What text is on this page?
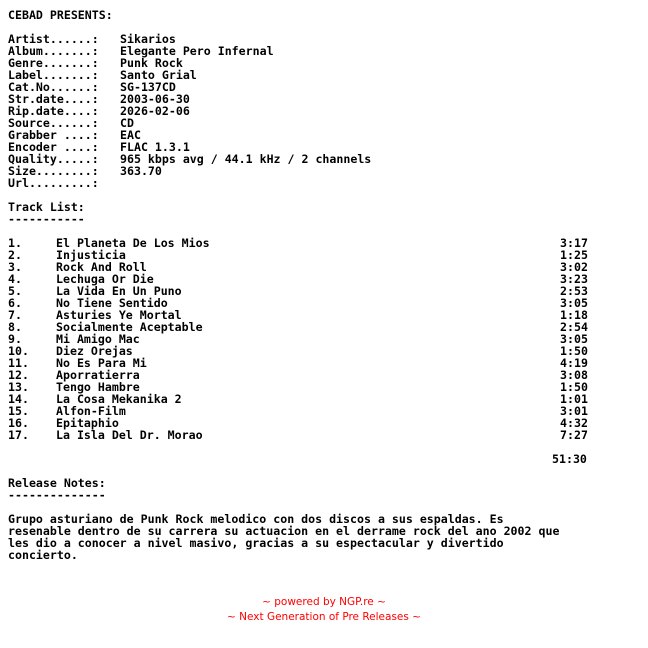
CEBAD PRESENTS:
Artist......: Sikarios
Album.......: Elegante Pero Infernal
Genre.......: Punk Rock
Label.......: Santo Grial
Cat.No......: SG-137CD
Str.date....: 2003-06-30
Rip.date....: 2026-02-06
Source......: CD
Grabber ....: EAC
Encoder ....: FLAC 1.3.1
Quality.....: 965 kbps avg / 44.1 kHz / 2 channels
Size........: 363.70
Url.........:
Track List:
-----------
1.	El Planeta De Los Mios	3:17
2.	Injusticia	1:25
3.	Rock And Roll	3:02
4.	Lechuga Or Die	3:23
5.	La Vida En Un Puno	2:53
6.	No Tiene Sentido	3:05
7.	Asturies Ye Mortal	1:18
8.	Socialmente Aceptable	2:54
9.	Mi Amigo Mac	3:05
10. Diez Orejas	1:50
11. No Es Para Mi	4:19
12. Aporratierra	3:08
13. Tengo Hambre	1:50
14. La Cosa Mekanika 2	1:01
15. Alfon-Film	3:01
16. Epitaphio	4:32
17. La Isla Del Dr. Morao	7:27
51:30
Release Notes:
--------------
Grupo asturiano de Punk Rock melodico con dos discos a sus espaldas. Es
resenable dentro de su carrera su actuacion en el derrame rock del ano 2002 que
les dio a conocer a nivel masivo, gracias a su espectacular y divertido
concierto.
~ powered by NGP.re ~
~ Next Generation of Pre Releases ~
